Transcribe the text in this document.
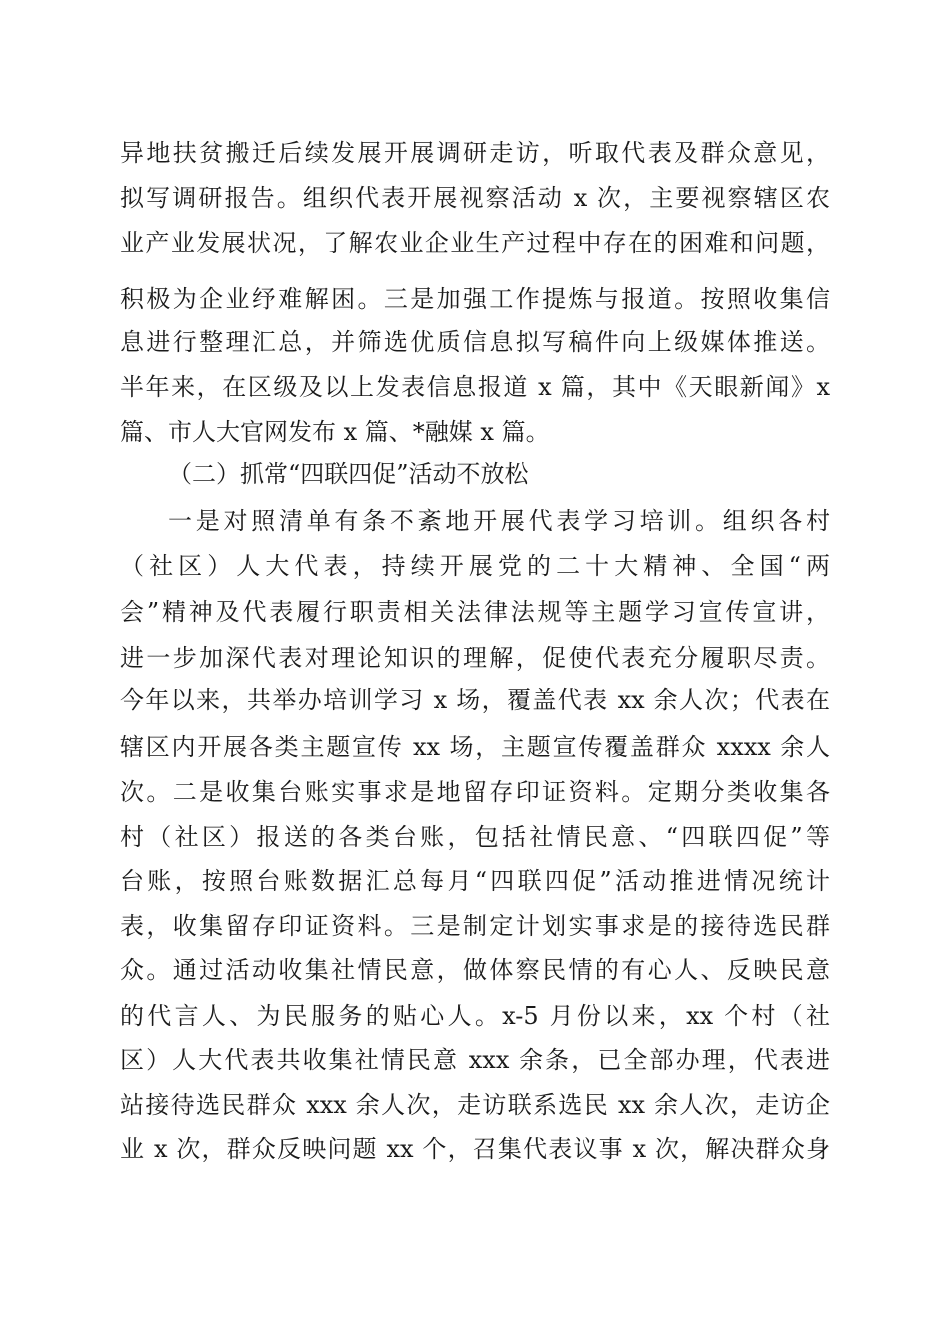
异地扶贫搬迁后续发展开展调研走访，听取代表及群众意见，
拟写调研报告。组织代表开展视察活动 x 次，主要视察辖区农
业产业发展状况，了解农业企业生产过程中存在的困难和问题，
积极为企业纾难解困。三是加强工作提炼与报道。按照收集信
息进行整理汇总，并筛选优质信息拟写稿件向上级媒体推送。
半年来，在区级及以上发表信息报道 x 篇，其中《天眼新闻》x
篇、市人大官网发布 x 篇、*融媒 x 篇。
（二）抓常“四联四促”活动不放松
一是对照清单有条不紊地开展代表学习培训。组织各村
（社区）人大代表，持续开展党的二十大精神、全国“两
会”精神及代表履行职责相关法律法规等主题学习宣传宣讲，
进一步加深代表对理论知识的理解，促使代表充分履职尽责。
今年以来，共举办培训学习 x 场，覆盖代表 xx 余人次；代表在
辖区内开展各类主题宣传 xx 场，主题宣传覆盖群众 xxxx 余人
次。二是收集台账实事求是地留存印证资料。定期分类收集各
村（社区）报送的各类台账，包括社情民意、“四联四促”等
台账，按照台账数据汇总每月“四联四促”活动推进情况统计
表，收集留存印证资料。三是制定计划实事求是的接待选民群
众。通过活动收集社情民意，做体察民情的有心人、反映民意
的代言人、为民服务的贴心人。x-5 月份以来，xx 个村（社
区）人大代表共收集社情民意 xxx 余条，已全部办理，代表进
站接待选民群众 xxx 余人次，走访联系选民 xx 余人次，走访企
业 x 次，群众反映问题 xx 个，召集代表议事 x 次，解决群众身
